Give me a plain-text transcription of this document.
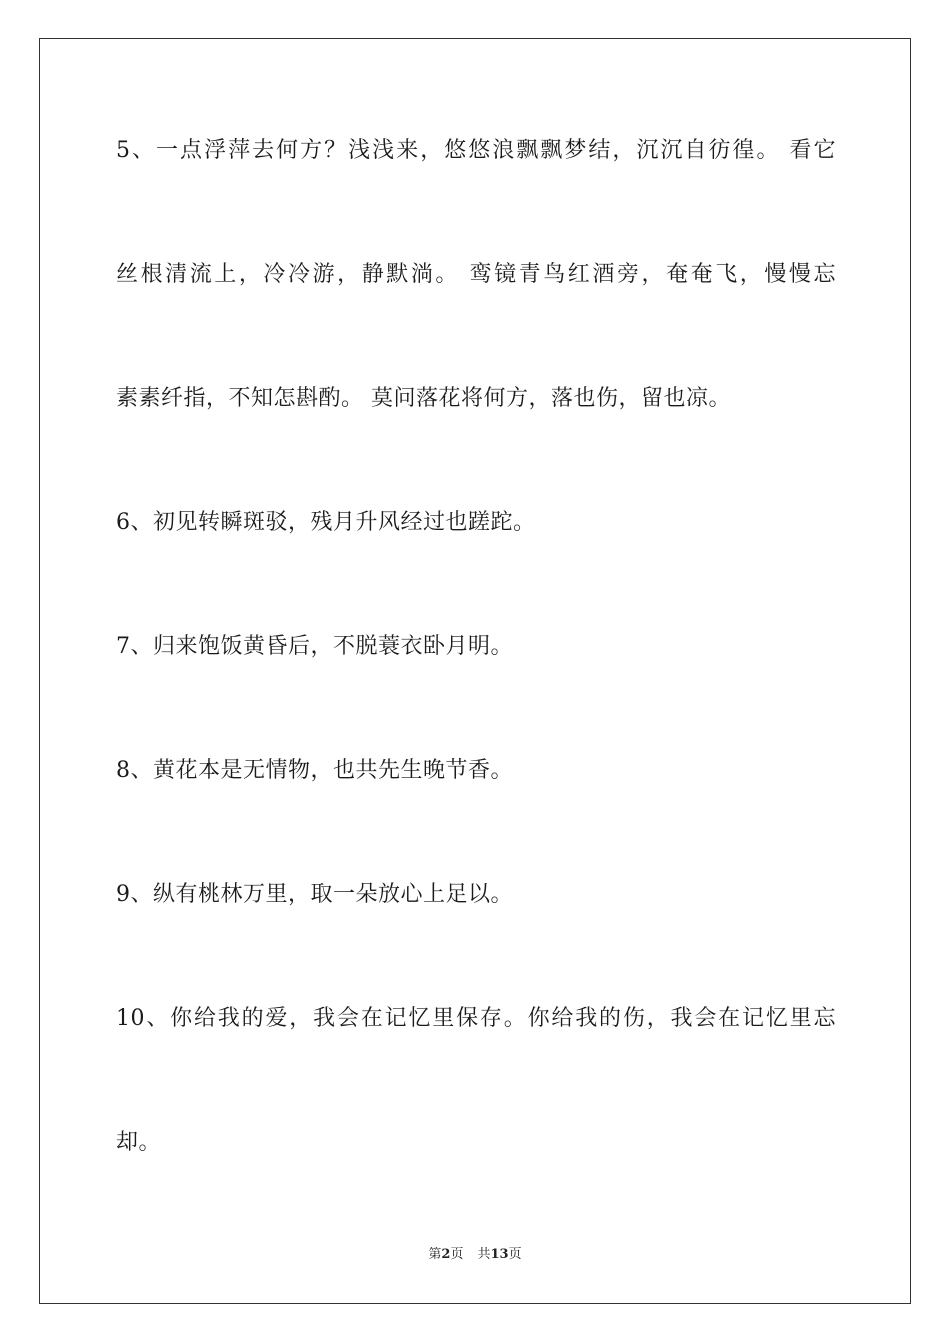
5、一点浮萍去何方？浅浅来，悠悠浪飘飘梦结，沉沉自彷徨。 看它
丝根清流上，冷冷游，静默淌。 鸾镜青鸟红酒旁，奄奄飞，慢慢忘
素素纤指，不知怎斟酌。 莫问落花将何方，落也伤，留也凉。
6、初见转瞬斑驳，残月升风经过也蹉跎。
7、归来饱饭黄昏后，不脱蓑衣卧月明。
8、黄花本是无情物，也共先生晚节香。
9、纵有桃林万里，取一朵放心上足以。
10、你给我的爱，我会在记忆里保存。你给我的伤，我会在记忆里忘
却。
第2页 共13页
